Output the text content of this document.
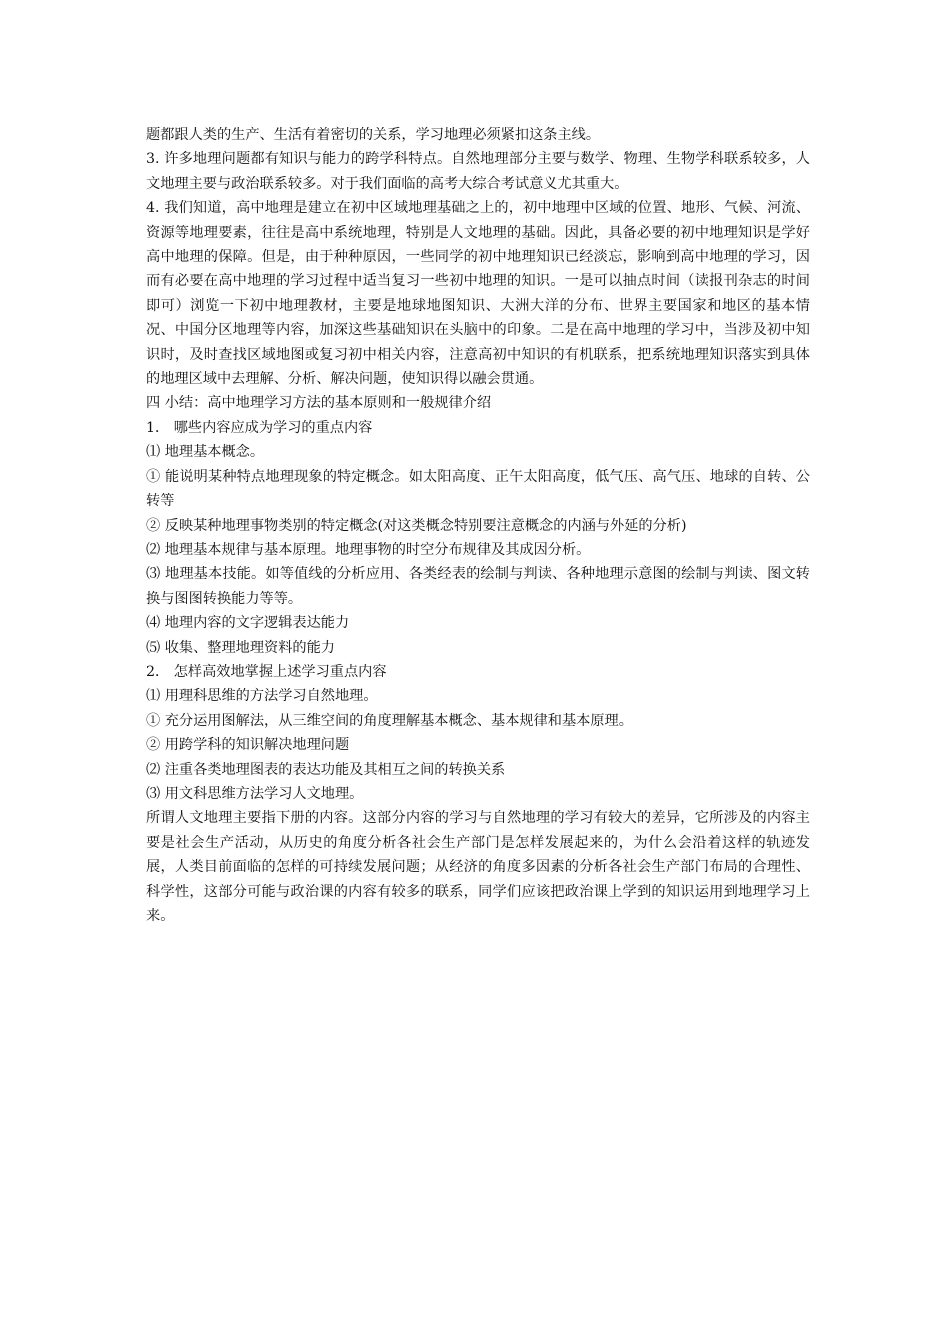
题都跟人类的生产、生活有着密切的关系，学习地理必须紧扣这条主线。

3. 许多地理问题都有知识与能力的跨学科特点。自然地理部分主要与数学、物理、生物学科联系较多，人文地理主要与政治联系较多。对于我们面临的高考大综合考试意义尤其重大。

4. 我们知道，高中地理是建立在初中区域地理基础之上的，初中地理中区域的位置、地形、气候、河流、资源等地理要素，往往是高中系统地理，特别是人文地理的基础。因此，具备必要的初中地理知识是学好高中地理的保障。但是，由于种种原因，一些同学的初中地理知识已经淡忘，影响到高中地理的学习，因而有必要在高中地理的学习过程中适当复习一些初中地理的知识。一是可以抽点时间（读报刊杂志的时间即可）浏览一下初中地理教材，主要是地球地图知识、大洲大洋的分布、世界主要国家和地区的基本情况、中国分区地理等内容，加深这些基础知识在头脑中的印象。二是在高中地理的学习中，当涉及初中知识时，及时查找区域地图或复习初中相关内容，注意高初中知识的有机联系，把系统地理知识落实到具体的地理区域中去理解、分析、解决问题，使知识得以融会贯通。

四 小结：高中地理学习方法的基本原则和一般规律介绍

1． 哪些内容应成为学习的重点内容

⑴ 地理基本概念。

① 能说明某种特点地理现象的特定概念。如太阳高度、正午太阳高度，低气压、高气压、地球的自转、公转等

② 反映某种地理事物类别的特定概念(对这类概念特别要注意概念的内涵与外延的分析)

⑵ 地理基本规律与基本原理。地理事物的时空分布规律及其成因分析。

⑶ 地理基本技能。如等值线的分析应用、各类经表的绘制与判读、各种地理示意图的绘制与判读、图文转换与图图转换能力等等。

⑷ 地理内容的文字逻辑表达能力

⑸ 收集、整理地理资料的能力

2． 怎样高效地掌握上述学习重点内容

⑴ 用理科思维的方法学习自然地理。

① 充分运用图解法，从三维空间的角度理解基本概念、基本规律和基本原理。

② 用跨学科的知识解决地理问题

⑵ 注重各类地理图表的表达功能及其相互之间的转换关系

⑶ 用文科思维方法学习人文地理。

所谓人文地理主要指下册的内容。这部分内容的学习与自然地理的学习有较大的差异，它所涉及的内容主要是社会生产活动，从历史的角度分析各社会生产部门是怎样发展起来的，为什么会沿着这样的轨迹发展，人类目前面临的怎样的可持续发展问题；从经济的角度多因素的分析各社会生产部门布局的合理性、科学性，这部分可能与政治课的内容有较多的联系，同学们应该把政治课上学到的知识运用到地理学习上来。
